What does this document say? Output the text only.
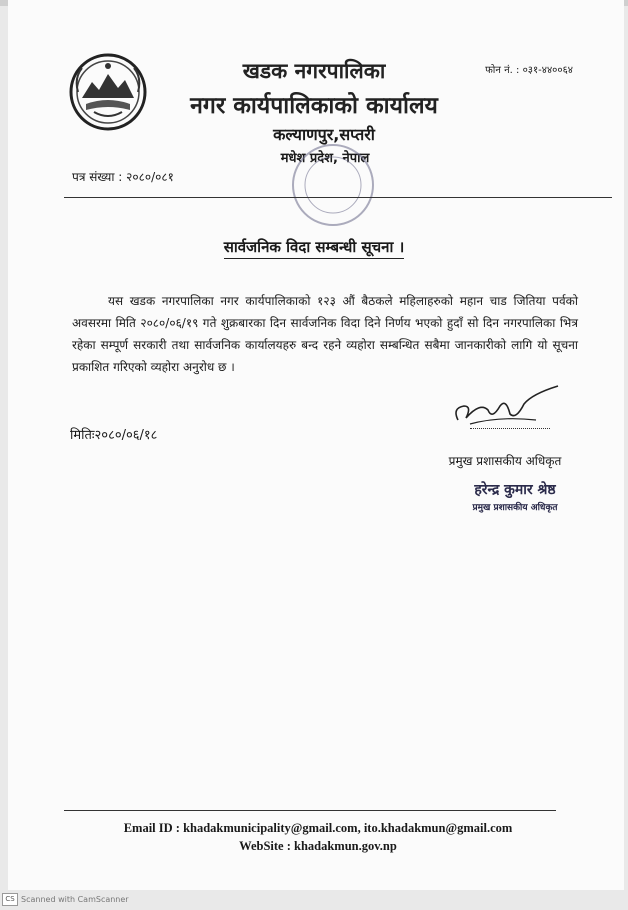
खडक नगरपालिका
नगर कार्यपालिकाको कार्यालय
कल्याणपुर,सप्तरी
मधेश प्रदेश, नेपाल
फोन नं. : ०३१-४४००६४
पत्र संख्या : २०८०/०८१
सार्वजनिक विदा सम्बन्धी सूचना ।
यस खडक नगरपालिका नगर कार्यपालिकाको १२३ औं बैठकले महिलाहरुको महान चाड जितिया पर्वको अवसरमा मिति २०८०/०६/१९ गते शुक्रबारका दिन सार्वजनिक विदा दिने निर्णय भएको हुदाँ सो दिन नगरपालिका भित्र रहेका सम्पूर्ण सरकारी तथा सार्वजनिक कार्यालयहरु बन्द रहने व्यहोरा सम्बन्धित सबैमा जानकारीको लागि यो सूचना प्रकाशित गरिएको व्यहोरा अनुरोध छ ।
मितिः२०८०/०६/१८
प्रमुख प्रशासकीय अधिकृत
हरेन्द्र कुमार श्रेष्ठ
प्रमुख प्रशासकीय अधिकृत
Email ID : khadakmunicipality@gmail.com, ito.khadakmun@gmail.com
WebSite : khadakmun.gov.np
CS Scanned with CamScanner
